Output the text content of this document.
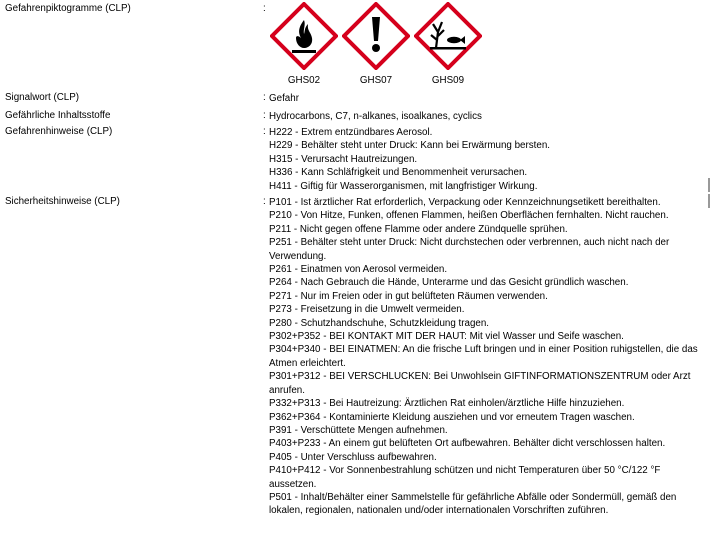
Gefahrenpiktogramme (CLP)	:
GHS02	GHS07	GHS09
Signalwort (CLP)	: Gefahr
Gefährliche Inhaltsstoffe	: Hydrocarbons, C7, n-alkanes, isoalkanes, cyclics
Gefahrenhinweise (CLP)	: H222 - Extrem entzündbares Aerosol.
H229 - Behälter steht unter Druck: Kann bei Erwärmung bersten.
H315 - Verursacht Hautreizungen.
H336 - Kann Schläfrigkeit und Benommenheit verursachen.
H411 - Giftig für Wasserorganismen, mit langfristiger Wirkung.
Sicherheitshinweise (CLP)	: P101 - Ist ärztlicher Rat erforderlich, Verpackung oder Kennzeichnungsetikett bereithalten.
P210 - Von Hitze, Funken, offenen Flammen, heißen Oberflächen fernhalten. Nicht rauchen.
P211 - Nicht gegen offene Flamme oder andere Zündquelle sprühen.
P251 - Behälter steht unter Druck: Nicht durchstechen oder verbrennen, auch nicht nach der Verwendung.
P261 - Einatmen von Aerosol vermeiden.
P264 - Nach Gebrauch die Hände, Unterarme und das Gesicht gründlich waschen.
P271 - Nur im Freien oder in gut belüfteten Räumen verwenden.
P273 - Freisetzung in die Umwelt vermeiden.
P280 - Schutzhandschuhe, Schutzkleidung tragen.
P302+P352 - BEI KONTAKT MIT DER HAUT: Mit viel Wasser und Seife waschen.
P304+P340 - BEI EINATMEN: An die frische Luft bringen und in einer Position ruhigstellen, die das Atmen erleichtert.
P301+P312 - BEI VERSCHLUCKEN: Bei Unwohlsein GIFTINFORMATIONSZENTRUM oder Arzt anrufen.
P332+P313 - Bei Hautreizung: Ärztlichen Rat einholen/ärztliche Hilfe hinzuziehen.
P362+P364 - Kontaminierte Kleidung ausziehen und vor erneutem Tragen waschen.
P391 - Verschüttete Mengen aufnehmen.
P403+P233 - An einem gut belüfteten Ort aufbewahren. Behälter dicht verschlossen halten.
P405 - Unter Verschluss aufbewahren.
P410+P412 - Vor Sonnenbestrahlung schützen und nicht Temperaturen über 50 °C/122 °F aussetzen.
P501 - Inhalt/Behälter einer Sammelstelle für gefährliche Abfälle oder Sondermüll, gemäß den lokalen, regionalen, nationalen und/oder internationalen Vorschriften zuführen.
